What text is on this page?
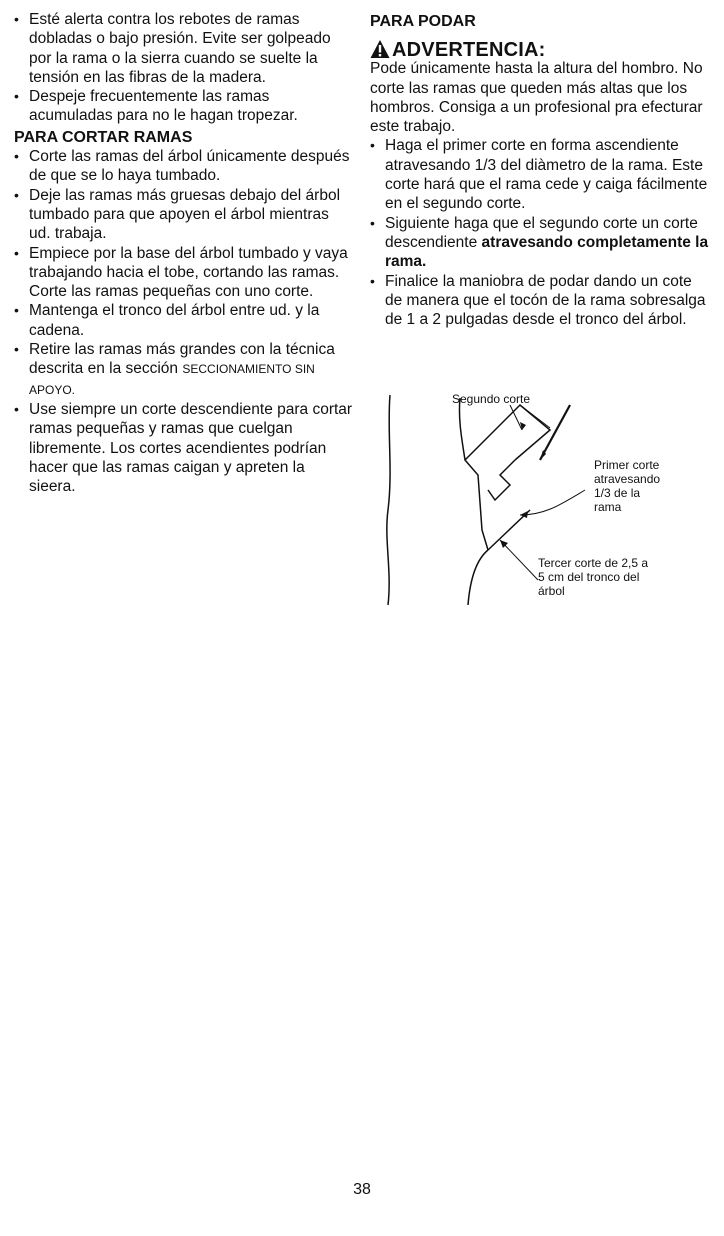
• Esté alerta contra los rebotes de ramas dobladas o bajo presión. Evite ser golpeado por la rama o la sierra cuando se suelte la tensión en las fibras de la madera.
• Despeje frecuentemente las ramas acumuladas para no le hagan tropezar.
PARA CORTAR RAMAS
• Corte las ramas del árbol únicamente después de que se lo haya tumbado.
• Deje las ramas más gruesas debajo del árbol tumbado para que apoyen el árbol mientras ud. trabaja.
• Empiece por la base del árbol tumbado y vaya trabajando hacia el tobe, cortando las ramas. Corte las ramas pequeñas con uno corte.
• Mantenga el tronco del árbol entre ud. y la cadena.
• Retire las ramas más grandes con la técnica descrita en la sección SECCIONAMIENTO SIN APOYO.
• Use siempre un corte descendiente para cortar ramas pequeñas y ramas que cuelgan libremente. Los cortes acendientes podrían hacer que las ramas caigan y apreten la sieera.
PARA PODAR
ADVERTENCIA:
Pode únicamente hasta la altura del hombro. No corte las ramas que queden más altas que los hombros. Consiga a un profesional pra efecturar este trabajo.
• Haga el primer corte en forma ascendiente atravesando 1/3 del diàmetro de la rama. Este corte hará que el rama cede y caiga fácilmente en el segundo corte.
• Siguiente haga que el segundo corte un corte descendiente atravesando completamente la rama.
• Finalice la maniobra de podar dando un cote de manera que el tocón de la rama sobresalga de 1 a 2 pulgadas desde el tronco del árbol.
Segundo corte
Primer corte
atravesando
1/3 de la
rama
Tercer corte de 2,5 a
5 cm del tronco del
árbol
38
